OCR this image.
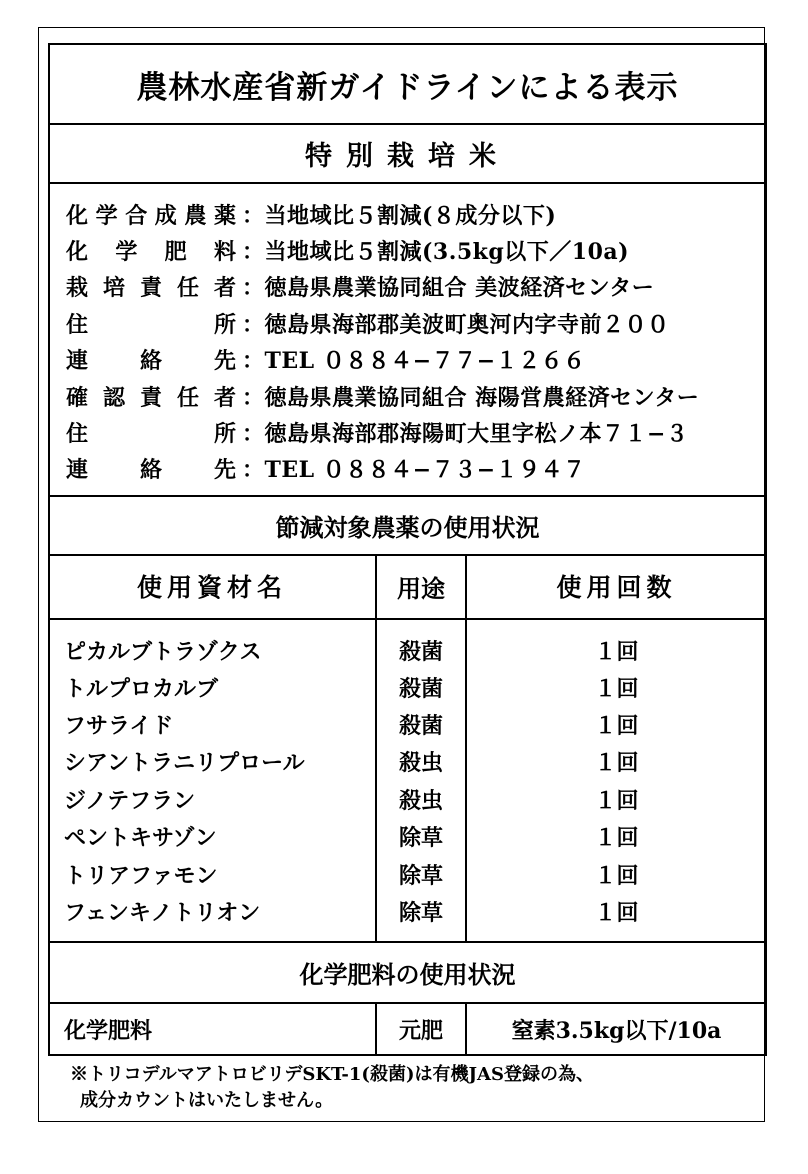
農林水産省新ガイドラインによる表示
特別栽培米
化 学 合 成 農 薬 ：当地域比５割減(８成分以下)
化 学 肥 料 ：当地域比５割減(3.5kg以下／10a)
栽 培 責 任 者 ：徳島県農業協同組合 美波経済センター
住	所 ：徳島県海部郡美波町奥河内字寺前２００
連 絡 先 ：TEL ０８８４−７７−１２６６
確 認 責 任 者 ：徳島県農業協同組合 海陽営農経済センター
住	所 ：徳島県海部郡海陽町大里字松ノ本７１−３
連 絡 先 ：TEL ０８８４−７３−１９４７
節減対象農薬の使用状況
使用資材名	用途	使用回数
ピカルブトラゾクス	殺菌	１回
トルプロカルブ	殺菌	１回
フサライド	殺菌	１回
シアントラニリプロール	殺虫	１回
ジノテフラン	殺虫	１回
ペントキサゾン	除草	１回
トリアファモン	除草	１回
フェンキノトリオン	除草	１回
化学肥料の使用状況
化学肥料	元肥	窒素3.5kg以下/10a
※トリコデルマアトロビリデSKT-1(殺菌)は有機JAS登録の為、
成分カウントはいたしません。
